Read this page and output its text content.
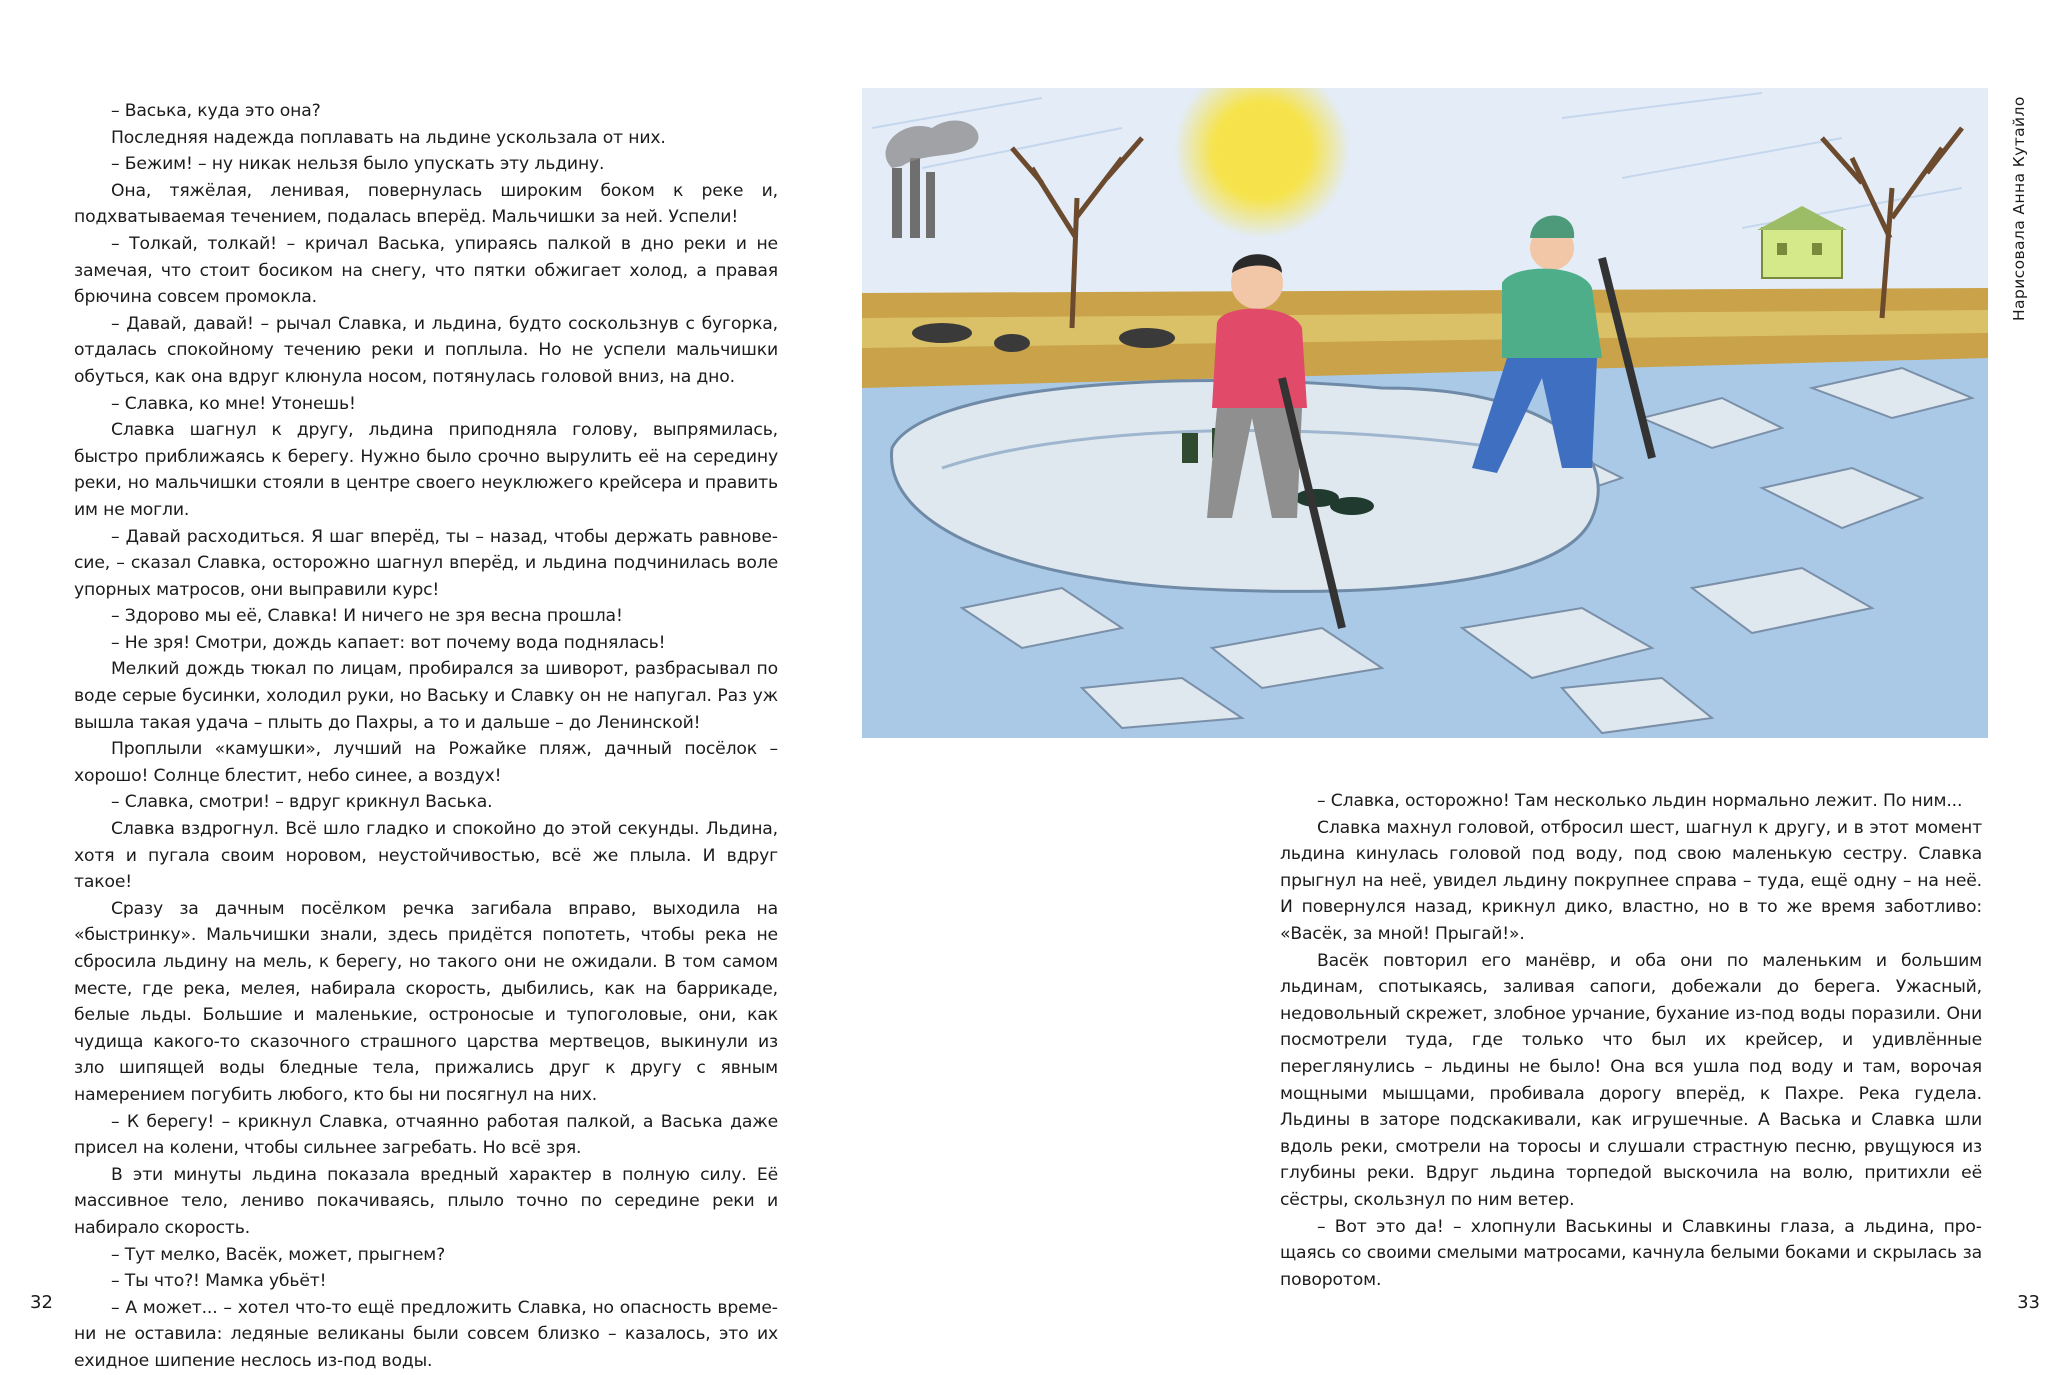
– Васька, куда это она?

Последняя надежда поплавать на льдине ускользала от них.

– Бежим! – ну никак нельзя было упускать эту льдину.

Она, тяжёлая, ленивая, повернулась широким боком к реке и, подхватываемая течением, подалась вперёд. Мальчишки за ней. Успели!

– Толкай, толкай! – кричал Васька, упираясь палкой в дно реки и не замечая, что стоит босиком на снегу, что пятки обжигает холод, а правая брючина совсем промокла.

– Давай, давай! – рычал Славка, и льдина, будто соскользнув с бугорка, отдалась спокойному течению реки и поплыла. Но не успели мальчишки обуться, как она вдруг клюнула носом, потянулась головой вниз, на дно.

– Славка, ко мне! Утонешь!

Славка шагнул к другу, льдина приподняла голову, выпрямилась, быстро приближаясь к берегу. Нужно было срочно вырулить её на середину реки, но мальчишки стояли в центре своего неуклюжего крейсера и править им не могли.

– Давай расходиться. Я шаг вперёд, ты – назад, чтобы держать равновесие, – сказал Славка, осторожно шагнул вперёд, и льдина подчинилась воле упорных матросов, они выправили курс!

– Здорово мы её, Славка! И ничего не зря весна прошла!

– Не зря! Смотри, дождь капает: вот почему вода поднялась!

Мелкий дождь тюкал по лицам, пробирался за шиворот, разбрасывал по воде серые бусинки, холодил руки, но Ваську и Славку он не напугал. Раз уж вышла такая удача – плыть до Пахры, а то и дальше – до Ленинской!

Проплыли «камушки», лучший на Рожайке пляж, дачный посёлок – хорошо! Солнце блестит, небо синее, а воздух!

– Славка, смотри! – вдруг крикнул Васька.

Славка вздрогнул. Всё шло гладко и спокойно до этой секунды. Льдина, хотя и пугала своим норовом, неустойчивостью, всё же плыла. И вдруг такое!

Сразу за дачным посёлком речка загибала вправо, выходила на «быстринку». Мальчишки знали, здесь придётся попотеть, чтобы река не сбросила льдину на мель, к берегу, но такого они не ожидали. В том самом месте, где река, мелея, набирала скорость, дыбились, как на баррикаде, белые льды. Большие и маленькие, остроносые и тупоголовые, они, как чудища какого-то сказочного страшного царства мертвецов, выкинули из зло шипящей воды бледные тела, прижались друг к другу с явным намерением погубить любого, кто бы ни посягнул на них.

– К берегу! – крикнул Славка, отчаянно работая палкой, а Васька даже присел на колени, чтобы сильнее загребать. Но всё зря.

В эти минуты льдина показала вредный характер в полную силу. Её массивное тело, лениво покачиваясь, плыло точно по середине реки и набирало скорость.

– Тут мелко, Васёк, может, прыгнем?

– Ты что?! Мамка убьёт!

– А может... – хотел что-то ещё предложить Славка, но опасность времени не оставила: ледяные великаны были совсем близко – казалось, это их ехидное шипение неслось из-под воды.

32
Нарисовала Анна Кутайло

– Славка, осторожно! Там несколько льдин нормально лежит. По ним...

Славка махнул головой, отбросил шест, шагнул к другу, и в этот момент льдина кинулась головой под воду, под свою маленькую сестру. Славка прыгнул на неё, увидел льдину покрупнее справа – туда, ещё одну – на неё. И повернулся назад, крикнул дико, властно, но в то же время заботливо: «Васёк, за мной! Прыгай!».

Васёк повторил его манёвр, и оба они по маленьким и большим льдинам, спотыкаясь, заливая сапоги, добежали до берега. Ужасный, недовольный скрежет, злобное урчание, бухание из-под воды поразили. Они посмотрели туда, где только что был их крейсер, и удивлённые переглянулись – льдины не было! Она вся ушла под воду и там, ворочая мощными мышцами, пробивала дорогу вперёд, к Пахре. Река гудела. Льдины в заторе подскакивали, как игрушечные. А Васька и Славка шли вдоль реки, смотрели на торосы и слушали страстную песню, рвущуюся из глубины реки. Вдруг льдина торпедой выскочила на волю, притихли её сёстры, скользнул по ним ветер.

– Вот это да! – хлопнули Васькины и Славкины глаза, а льдина, прощаясь со своими смелыми матросами, качнула белыми боками и скрылась за поворотом.

33
